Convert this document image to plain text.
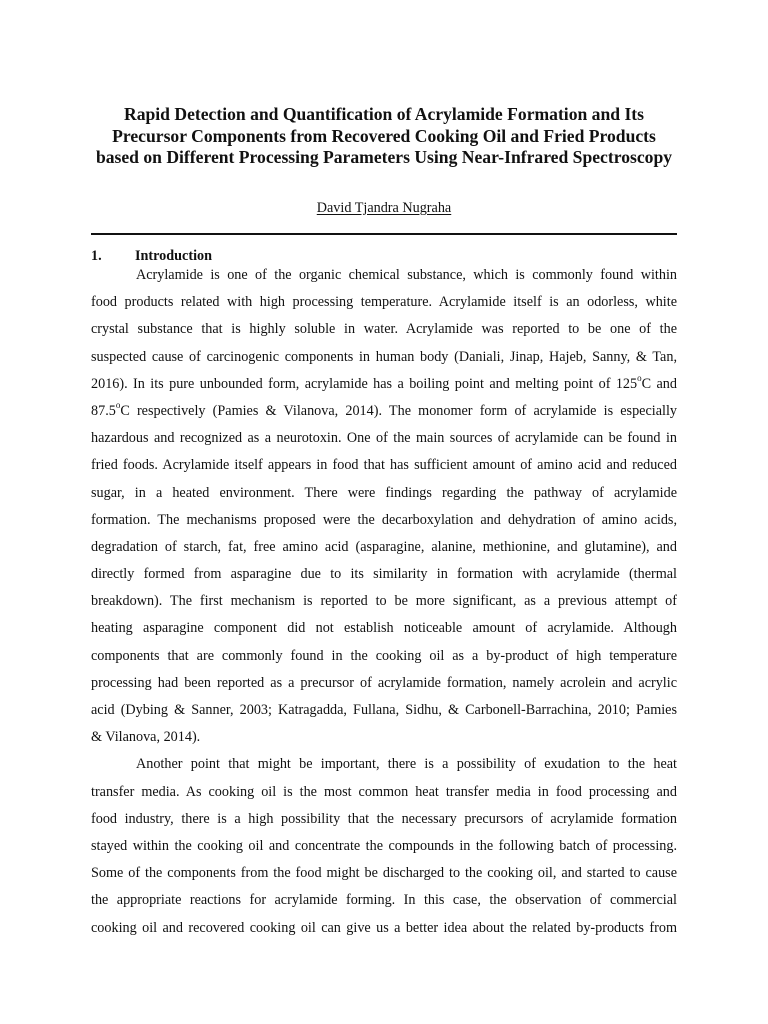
Rapid Detection and Quantification of Acrylamide Formation and Its
Precursor Components from Recovered Cooking Oil and Fried Products
based on Different Processing Parameters Using Near-Infrared Spectroscopy
David Tjandra Nugraha
1. Introduction
Acrylamide is one of the organic chemical substance, which is commonly found within
food products related with high processing temperature. Acrylamide itself is an odorless, white
crystal substance that is highly soluble in water. Acrylamide was reported to be one of the
suspected cause of carcinogenic components in human body (Daniali, Jinap, Hajeb, Sanny, & Tan,
2016). In its pure unbounded form, acrylamide has a boiling point and melting point of 125$^o$C and
87.5$^o$C respectively (Pamies & Vilanova, 2014). The monomer form of acrylamide is especially
hazardous and recognized as a neurotoxin. One of the main sources of acrylamide can be found in
fried foods. Acrylamide itself appears in food that has sufficient amount of amino acid and reduced
sugar, in a heated environment. There were findings regarding the pathway of acrylamide
formation. The mechanisms proposed were the decarboxylation and dehydration of amino acids,
degradation of starch, fat, free amino acid (asparagine, alanine, methionine, and glutamine), and
directly formed from asparagine due to its similarity in formation with acrylamide (thermal
breakdown). The first mechanism is reported to be more significant, as a previous attempt of
heating asparagine component did not establish noticeable amount of acrylamide. Although
components that are commonly found in the cooking oil as a by-product of high temperature
processing had been reported as a precursor of acrylamide formation, namely acrolein and acrylic
acid (Dybing & Sanner, 2003; Katragadda, Fullana, Sidhu, & Carbonell-Barrachina, 2010; Pamies
& Vilanova, 2014).
Another point that might be important, there is a possibility of exudation to the heat
transfer media. As cooking oil is the most common heat transfer media in food processing and
food industry, there is a high possibility that the necessary precursors of acrylamide formation
stayed within the cooking oil and concentrate the compounds in the following batch of processing.
Some of the components from the food might be discharged to the cooking oil, and started to cause
the appropriate reactions for acrylamide forming. In this case, the observation of commercial
cooking oil and recovered cooking oil can give us a better idea about the related by-products from
